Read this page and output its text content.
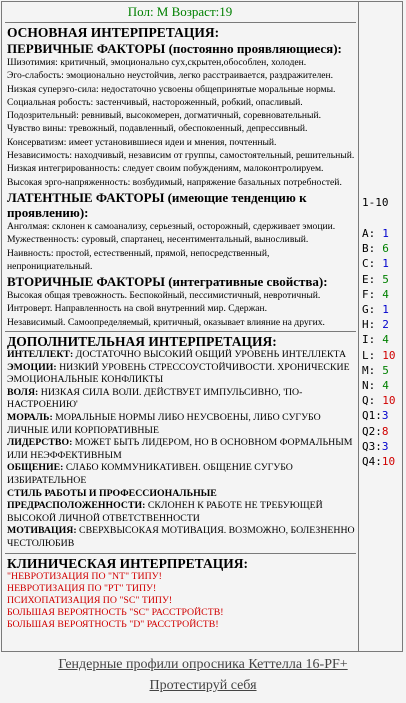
Пол: М Возраст:19
ОСНОВНАЯ ИНТЕРПРЕТАЦИЯ:
ПЕРВИЧНЫЕ ФАКТОРЫ (постоянно проявляющиеся):
Шизотимия: критичный, эмоционально сух,скрытен,обособлен, холоден.
Эго-слабость: эмоционально неустойчив, легко расстраивается, раздражителен.
Низкая суперэго-сила: недостаточно усвоены общепринятые моральные нормы.
Социальная робость: застенчивый, настороженный, робкий, опасливый.
Подозрительный: ревнивый, высокомерен, догматичный, соревновательный.
Чувство вины: тревожный, подавленный, обеспокоенный, депрессивный.
Консерватизм: имеет установившиеся идеи и мнения, почтенный.
Независимость: находчивый, независим от группы, самостоятельный, решительный.
Низкая интегрированность: следует своим побуждениям, малоконтролируем.
Высокая эрго-напряженность: возбудимый, напряжение базальных потребностей.
ЛАТЕНТНЫЕ ФАКТОРЫ (имеющие тенденцию к проявлению):
Анголмая: склонен к самоанализу, серьезный, осторожный, сдерживает эмоции.
Мужественность: суровый, спартанец, несентиментальный, выносливый.
Наивность: простой, естественный, прямой, непосредственный, непронициательный.
ВТОРИЧНЫЕ ФАКТОРЫ (интегративные свойства):
Высокая общая тревожность. Беспокойный, пессимистичный, невротичный.
Интроверт. Направленность на свой внутренний мир. Сдержан.
Независимый. Самоопределяемый, критичный, оказывает влияние на других.
ДОПОЛНИТЕЛЬНАЯ ИНТЕРПРЕТАЦИЯ:
ИНТЕЛЛЕКТ: ДОСТАТОЧНО ВЫСОКИЙ ОБЩИЙ УРОВЕНЬ ИНТЕЛЛЕКТА
ЭМОЦИИ: НИЗКИЙ УРОВЕНЬ СТРЕССОУСТОЙЧИВОСТИ. ХРОНИЧЕСКИЕ ЭМОЦИОНАЛЬНЫЕ КОНФЛИКТЫ
ВОЛЯ: НИЗКАЯ СИЛА ВОЛИ. ДЕЙСТВУЕТ ИМПУЛЬСИВНО, 'ПО-НАСТРОЕНИЮ'
МОРАЛЬ: МОРАЛЬНЫЕ НОРМЫ ЛИБО НЕУСВОЕНЫ, ЛИБО СУГУБО ЛИЧНЫЕ ИЛИ КОРПОРАТИВНЫЕ
ЛИДЕРСТВО: МОЖЕТ БЫТЬ ЛИДЕРОМ, НО В ОСНОВНОМ ФОРМАЛЬНЫМ ИЛИ НЕЭФФЕКТИВНЫМ
ОБЩЕНИЕ: СЛАБО КОММУНИКАТИВЕН. ОБЩЕНИЕ СУГУБО ИЗБИРАТЕЛЬНОЕ
СТИЛЬ РАБОТЫ И ПРОФЕССИОНАЛЬНЫЕ ПРЕДРАСПОЛОЖЕННОСТИ: СКЛОНЕН К РАБОТЕ НЕ ТРЕБУЮЩЕЙ ВЫСОКОЙ ЛИЧНОЙ ОТВЕТСТВЕННОСТИ
МОТИВАЦИЯ: СВЕРХВЫСОКАЯ МОТИВАЦИЯ. ВОЗМОЖНО, БОЛЕЗНЕННО ЧЕСТОЛЮБИВ
КЛИНИЧЕСКАЯ ИНТЕРПРЕТАЦИЯ:
"НЕВРОТИЗАЦИЯ ПО "NT" ТИПУ!
НЕВРОТИЗАЦИЯ ПО "PT" ТИПУ!
ПСИХОПАТИЗАЦИЯ ПО "SC" ТИПУ!
БОЛЬШАЯ ВЕРОЯТНОСТЬ "SC" РАССТРОЙСТВ!
БОЛЬШАЯ ВЕРОЯТНОСТЬ "D" РАССТРОЙСТВ!
1-10
A: 1
B: 6
C: 1
E: 5
F: 4
G: 1
H: 2
I: 4
L: 10
M: 5
N: 4
Q: 10
Q1:3
Q2:8
Q3:3
Q4:10
Гендерные профили опросника Кеттелла 16-PF+
Протестируй себя
